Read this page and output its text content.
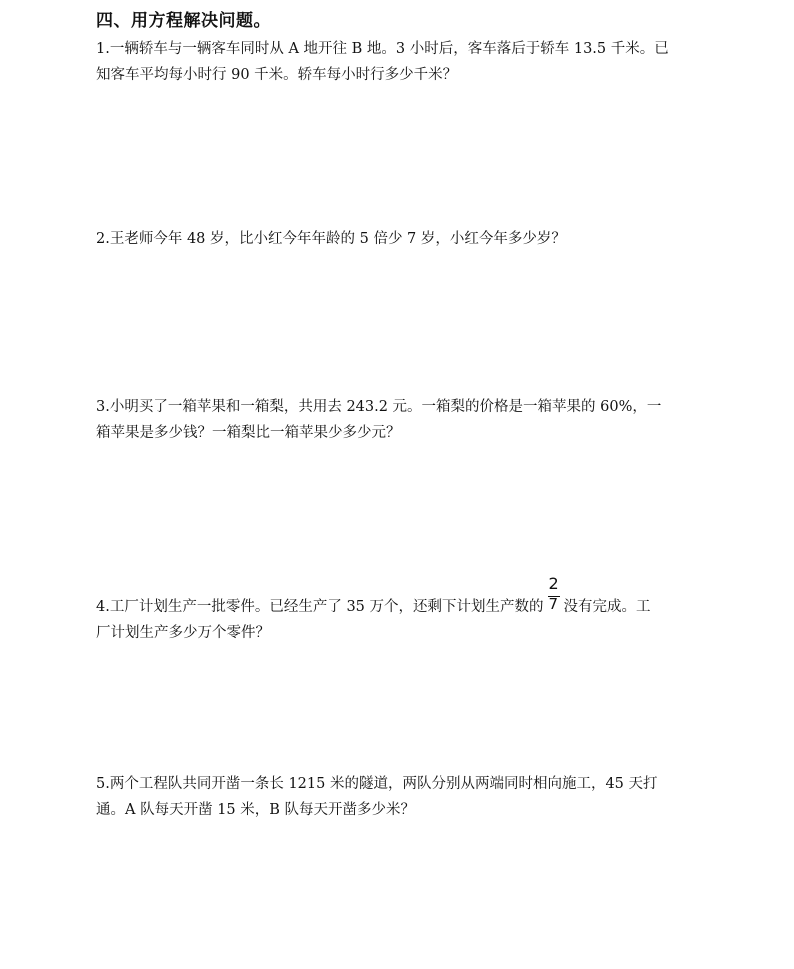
四、用方程解决问题。
1.一辆轿车与一辆客车同时从 A 地开往 B 地。3 小时后，客车落后于轿车 13.5 千米。已
知客车平均每小时行 90 千米。轿车每小时行多少千米？
2.王老师今年 48 岁，比小红今年年龄的 5 倍少 7 岁，小红今年多少岁？
3.小明买了一箱苹果和一箱梨，共用去 243.2 元。一箱梨的价格是一箱苹果的 60%，一
箱苹果是多少钱？一箱梨比一箱苹果少多少元？
4.工厂计划生产一批零件。已经生产了 35 万个，还剩下计划生产数的 $\frac{2}{7}$ 没有完成。工
厂计划生产多少万个零件？
5.两个工程队共同开凿一条长 1215 米的隧道，两队分别从两端同时相向施工，45 天打
通。A 队每天开凿 15 米，B 队每天开凿多少米？
